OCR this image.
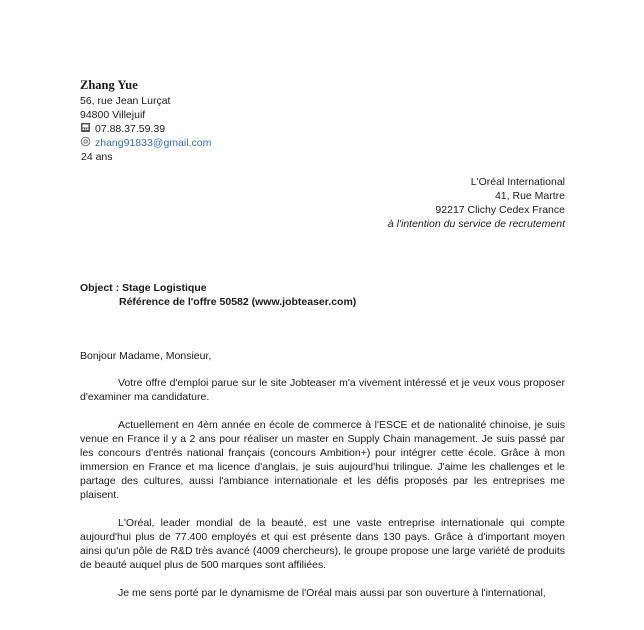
Zhang Yue
56, rue Jean Lurçat
94800 Villejuif
07.88.37.59.39
zhang91833@gmail.com
24 ans
L'Oréal International
41, Rue Martre
92217 Clichy Cedex France
à l'intention du service de recrutement
Object : Stage Logistique
Référence de l'offre 50582 (www.jobteaser.com)

Bonjour Madame, Monsieur,

Votre offre d'emploi parue sur le site Jobteaser m'a vivement intéressé et je veux vous proposer d'examiner ma candidature.

Actuellement en 4èm année en école de commerce à l'ESCE et de nationalité chinoise, je suis venue en France il y a 2 ans pour réaliser un master en Supply Chain management. Je suis passé par les concours d'entrés national français (concours Ambition+) pour intégrer cette école. Grâce à mon immersion en France et ma licence d'anglais, je suis aujourd'hui trilingue. J'aime les challenges et le partage des cultures, aussi l'ambiance internationale et les défis proposés par les entreprises me plaisent.

L'Oréal, leader mondial de la beauté, est une vaste entreprise internationale qui compte aujourd'hui plus de 77.400 employés et qui est présente dans 130 pays. Grâce à d'important moyen ainsi qu'un pôle de R&D très avancé (4009 chercheurs), le groupe propose une large variété de produits de beauté auquel plus de 500 marques sont affiliées.

Je me sens porté par le dynamisme de l'Oréal mais aussi par son ouverture à l'international,
